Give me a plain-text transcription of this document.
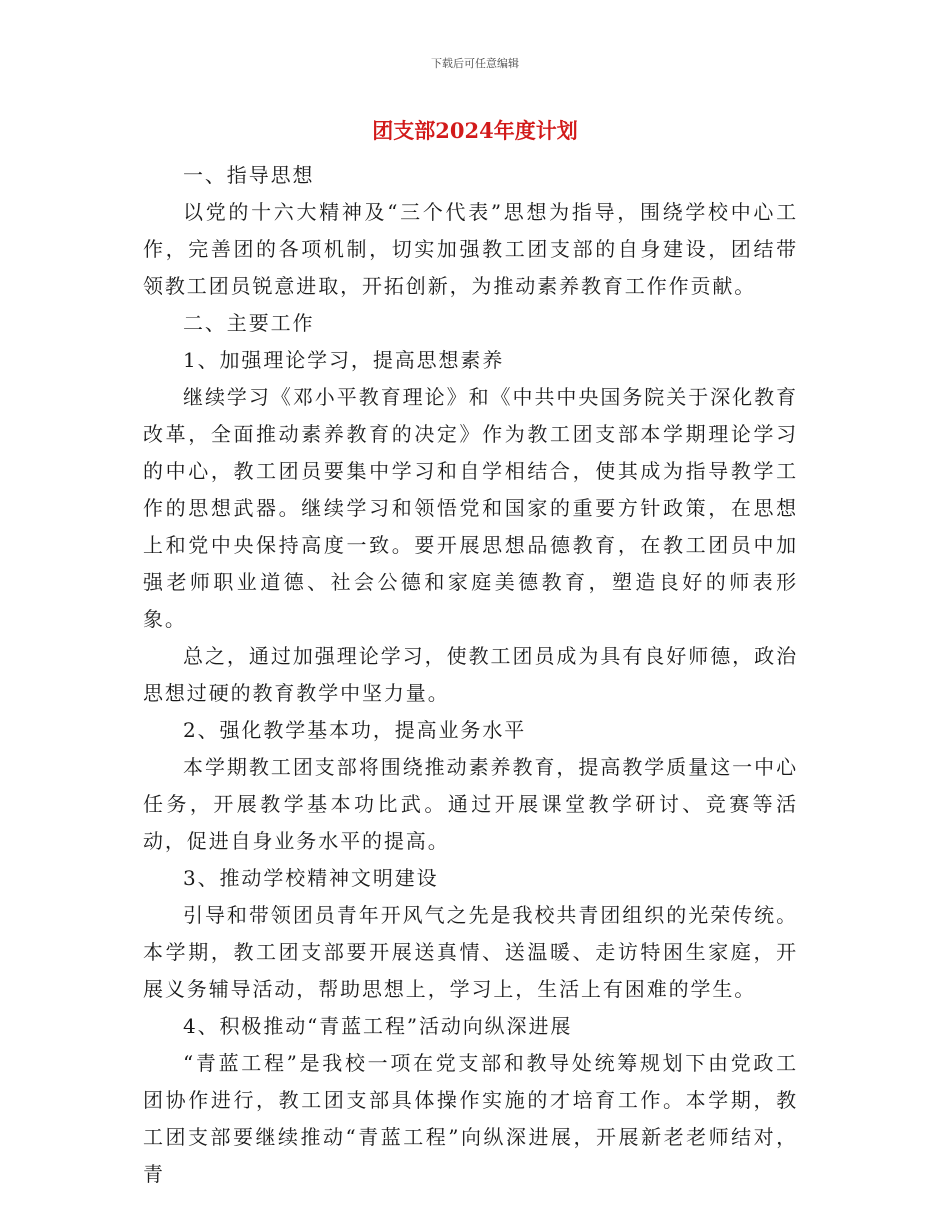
下载后可任意编辑
团支部2024年度计划

一、指导思想

以党的十六大精神及“三个代表”思想为指导，围绕学校中心工作，完善团的各项机制，切实加强教工团支部的自身建设，团结带领教工团员锐意进取，开拓创新，为推动素养教育工作作贡献。

二、主要工作

1、加强理论学习，提高思想素养

继续学习《邓小平教育理论》和《中共中央国务院关于深化教育改革，全面推动素养教育的决定》作为教工团支部本学期理论学习的中心，教工团员要集中学习和自学相结合，使其成为指导教学工作的思想武器。继续学习和领悟党和国家的重要方针政策，在思想上和党中央保持高度一致。要开展思想品德教育，在教工团员中加强老师职业道德、社会公德和家庭美德教育，塑造良好的师表形象。

总之，通过加强理论学习，使教工团员成为具有良好师德，政治思想过硬的教育教学中坚力量。

2、强化教学基本功，提高业务水平

本学期教工团支部将围绕推动素养教育，提高教学质量这一中心任务，开展教学基本功比武。通过开展课堂教学研讨、竞赛等活动，促进自身业务水平的提高。

3、推动学校精神文明建设

引导和带领团员青年开风气之先是我校共青团组织的光荣传统。本学期，教工团支部要开展送真情、送温暖、走访特困生家庭，开展义务辅导活动，帮助思想上，学习上，生活上有困难的学生。

4、积极推动“青蓝工程”活动向纵深进展

“青蓝工程”是我校一项在党支部和教导处统筹规划下由党政工团协作进行，教工团支部具体操作实施的才培育工作。本学期，教工团支部要继续推动“青蓝工程”向纵深进展，开展新老老师结对，青
